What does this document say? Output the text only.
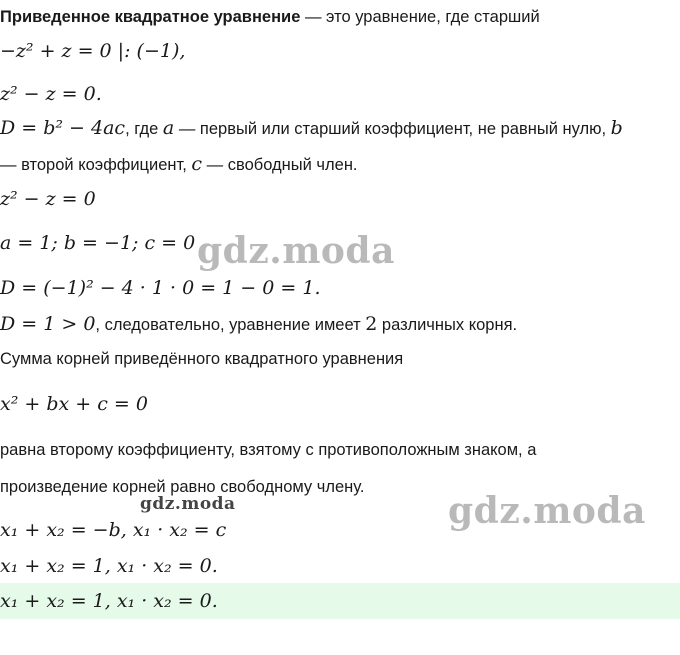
Приведенное квадратное уравнение — это уравнение, где старший
−z² + z = 0 |: (−1),
z² − z = 0.
D = b² − 4ac, где a — первый или старший коэффициент, не равный нулю, b
— второй коэффициент, c — свободный член.
z² − z = 0
a = 1; b = −1; c = 0 gdz.moda
D = (−1)² − 4 · 1 · 0 = 1 − 0 = 1.
D = 1 > 0, следовательно, уравнение имеет 2 различных корня.
Сумма корней приведённого квадратного уравнения
x² + bx + c = 0
равна второму коэффициенту, взятому с противоположным знаком, а
произведение корней равно свободному члену.
gdz.moda	gdz.moda
x₁ + x₂ = −b, x₁ · x₂ = c
x₁ + x₂ = 1, x₁ · x₂ = 0.
x₁ + x₂ = 1, x₁ · x₂ = 0.
